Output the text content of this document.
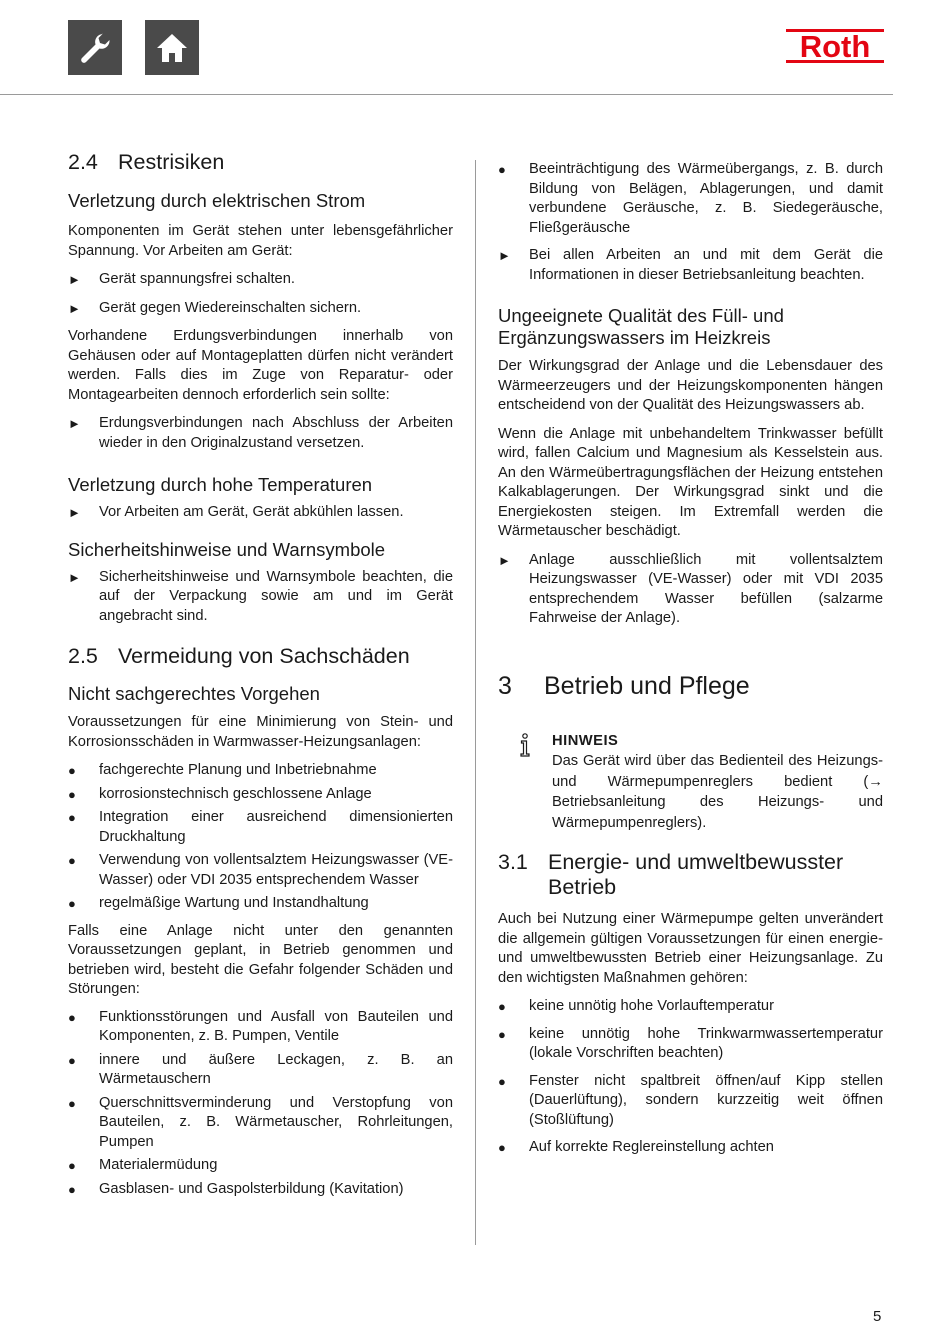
Roth
2.4 Restrisiken
Verletzung durch elektrischen Strom

Komponenten im Gerät stehen unter lebensgefährlicher Spannung. Vor Arbeiten am Gerät:

►	Gerät spannungsfrei schalten.
►	Gerät gegen Wiedereinschalten sichern.

Vorhandene Erdungsverbindungen innerhalb von Gehäusen oder auf Montageplatten dürfen nicht verändert werden. Falls dies im Zuge von Reparatur- oder Montagearbeiten dennoch erforderlich sein sollte:

►	Erdungsverbindungen nach Abschluss der Arbeiten wieder in den Originalzustand versetzen.
Verletzung durch hohe Temperaturen
►	Vor Arbeiten am Gerät, Gerät abkühlen lassen.
Sicherheitshinweise und Warnsymbole
►	Sicherheitshinweise und Warnsymbole beachten, die auf der Verpackung sowie am und im Gerät angebracht sind.
2.5 Vermeidung von Sachschäden
Nicht sachgerechtes Vorgehen

Voraussetzungen für eine Minimierung von Stein- und Korrosionsschäden in Warmwasser-Heizungsanlagen:

●	fachgerechte Planung und Inbetriebnahme
●	korrosionstechnisch geschlossene Anlage
●	Integration einer ausreichend dimensionierten Druckhaltung
●	Verwendung von vollentsalztem Heizungswasser (VE-Wasser) oder VDI 2035 entsprechendem Wasser
●	regelmäßige Wartung und Instandhaltung

Falls eine Anlage nicht unter den genannten Voraussetzungen geplant, in Betrieb genommen und betrieben wird, besteht die Gefahr folgender Schäden und Störungen:

●	Funktionsstörungen und Ausfall von Bauteilen und Komponenten, z. B. Pumpen, Ventile
●	innere und äußere Leckagen, z. B. an Wärmetauschern
●	Querschnittsverminderung und Verstopfung von Bauteilen, z. B. Wärmetauscher, Rohrleitungen, Pumpen
●	Materialermüdung
●	Gasblasen- und Gaspolsterbildung (Kavitation)
●	Beeinträchtigung des Wärmeübergangs, z. B. durch Bildung von Belägen, Ablagerungen, und damit verbundene Geräusche, z. B. Siedegeräusche, Fließgeräusche
►	Bei allen Arbeiten an und mit dem Gerät die Informationen in dieser Betriebsanleitung beachten.
Ungeeignete Qualität des Füll- und Ergänzungswassers im Heizkreis

Der Wirkungsgrad der Anlage und die Lebensdauer des Wärmeerzeugers und der Heizungskomponenten hängen entscheidend von der Qualität des Heizungswassers ab.

Wenn die Anlage mit unbehandeltem Trinkwasser befüllt wird, fallen Calcium und Magnesium als Kesselstein aus. An den Wärmeübertragungsflächen der Heizung entstehen Kalkablagerungen. Der Wirkungsgrad sinkt und die Energiekosten steigen. Im Extremfall werden die Wärmetauscher beschädigt.

►	Anlage ausschließlich mit vollentsalztem Heizungswasser (VE-Wasser) oder mit VDI 2035 entsprechendem Wasser befüllen (salzarme Fahrweise der Anlage).
3	Betrieb und Pflege
HINWEIS
Das Gerät wird über das Bedienteil des Heizungs- und Wärmepumpenreglers bedient (→ Betriebsanleitung des Heizungs- und Wärmepumpenreglers).
3.1 Energie- und umweltbewusster
Betrieb

Auch bei Nutzung einer Wärmepumpe gelten unverändert die allgemein gültigen Voraussetzungen für einen energie- und umweltbewussten Betrieb einer Heizungsanlage. Zu den wichtigsten Maßnahmen gehören:

●	keine unnötig hohe Vorlauftemperatur
●	keine unnötig hohe Trinkwarmwassertemperatur (lokale Vorschriften beachten)
●	Fenster nicht spaltbreit öffnen/auf Kipp stellen (Dauerlüftung), sondern kurzzeitig weit öffnen (Stoßlüftung)
●	Auf korrekte Reglereinstellung achten
5
